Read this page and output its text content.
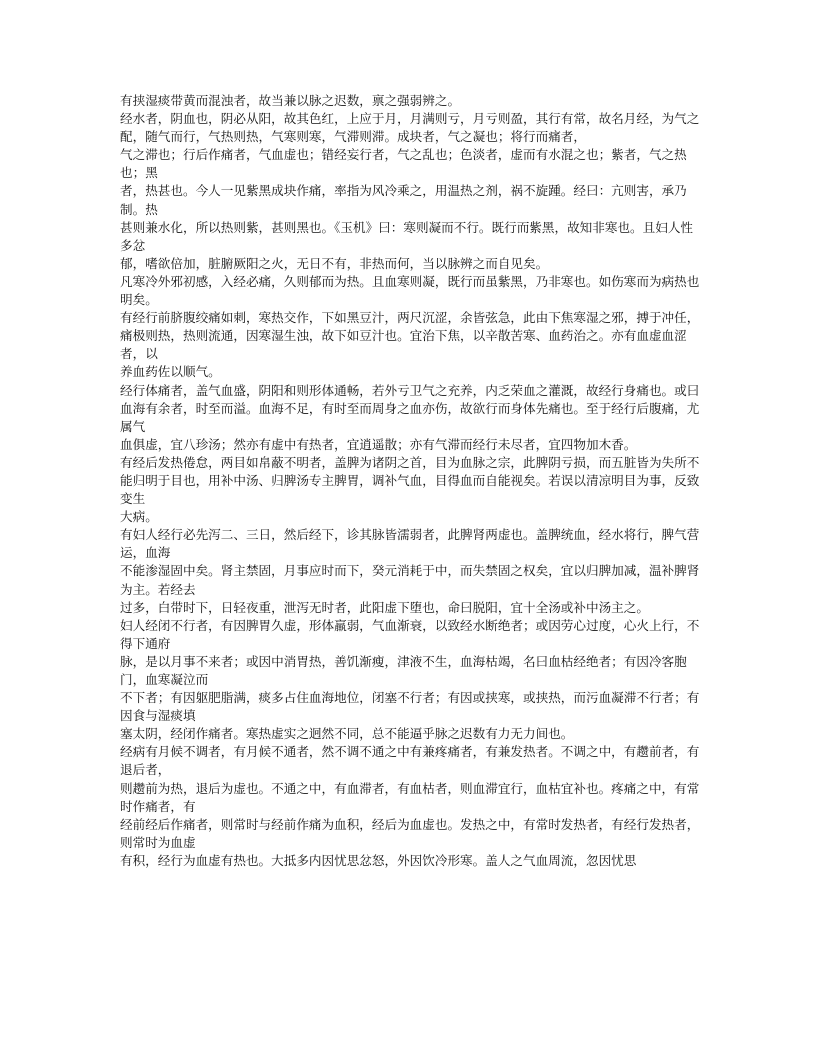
有挟湿痰带黄而混浊者，故当兼以脉之迟数，禀之强弱辨之。

经水者，阴血也，阴必从阳，故其色红，上应于月，月满则亏，月亏则盈，其行有常，故名月经，为气之

配，随气而行，气热则热，气寒则寒，气滞则滞。成块者，气之凝也；将行而痛者，

气之滞也；行后作痛者，气血虚也；错经妄行者，气之乱也；色淡者，虚而有水混之也；紫者，气之热也；黑

者，热甚也。今人一见紫黑成块作痛，率指为风冷乘之，用温热之剂，祸不旋踵。经曰：亢则害，承乃制。热

甚则兼水化，所以热则紫，甚则黑也。《玉机》曰：寒则凝而不行。既行而紫黑，故知非寒也。且妇人性多忿

郁，嗜欲倍加，脏腑厥阳之火，无日不有，非热而何，当以脉辨之而自见矣。

凡寒冷外邪初感，入经必痛，久则郁而为热。且血寒则凝，既行而虽紫黑，乃非寒也。如伤寒而为病热也明矣。

有经行前脐腹绞痛如刺，寒热交作，下如黑豆汁，两尺沉涩，余皆弦急，此由下焦寒湿之邪，搏于冲任，

痛极则热，热则流通，因寒湿生浊，故下如豆汁也。宜治下焦，以辛散苦寒、血药治之。亦有血虚血涩者，以

养血药佐以顺气。

经行体痛者，盖气血盛，阴阳和则形体通畅，若外亏卫气之充养，内乏荣血之灌溉，故经行身痛也。或曰

血海有余者，时至而溢。血海不足，有时至而周身之血亦伤，故欲行而身体先痛也。至于经行后腹痛，尤属气

血俱虚，宜八珍汤；然亦有虚中有热者，宜逍遥散；亦有气滞而经行未尽者，宜四物加木香。

有经后发热倦怠，两目如帛蔽不明者，盖脾为诸阴之首，目为血脉之宗，此脾阴亏损，而五脏皆为失所不

能归明于目也，用补中汤、归脾汤专主脾胃，调补气血，目得血而自能视矣。若误以清凉明目为事，反致变生

大病。

有妇人经行必先泻二、三日，然后经下，诊其脉皆濡弱者，此脾肾两虚也。盖脾统血，经水将行，脾气营运，血海

不能渗湿固中矣。肾主禁固，月事应时而下，癸元消耗于中，而失禁固之权矣，宜以归脾加减，温补脾肾为主。若经去

过多，白带时下，日轻夜重，泄泻无时者，此阳虚下堕也，命曰脱阳，宜十全汤或补中汤主之。

妇人经闭不行者，有因脾胃久虚，形体羸弱，气血渐衰，以致经水断绝者；或因劳心过度，心火上行，不得下通府

脉，是以月事不来者；或因中消胃热，善饥渐瘦，津液不生，血海枯竭，名曰血枯经绝者；有因冷客胞门，血寒凝泣而

不下者；有因躯肥脂满，痰多占住血海地位，闭塞不行者；有因或挟寒，或挟热，而污血凝滞不行者；有因食与湿痰填

塞太阴，经闭作痛者。寒热虚实之迥然不同，总不能逼乎脉之迟数有力无力间也。

经病有月候不调者，有月候不通者，然不调不通之中有兼疼痛者，有兼发热者。不调之中，有趱前者，有退后者，

则趱前为热，退后为虚也。不通之中，有血滞者，有血枯者，则血滞宜行，血枯宜补也。疼痛之中，有常时作痛者，有

经前经后作痛者，则常时与经前作痛为血积，经后为血虚也。发热之中，有常时发热者，有经行发热者，则常时为血虚

有积，经行为血虚有热也。大抵多内因忧思忿怒，外因饮冷形寒。盖人之气血周流，忽因忧思
